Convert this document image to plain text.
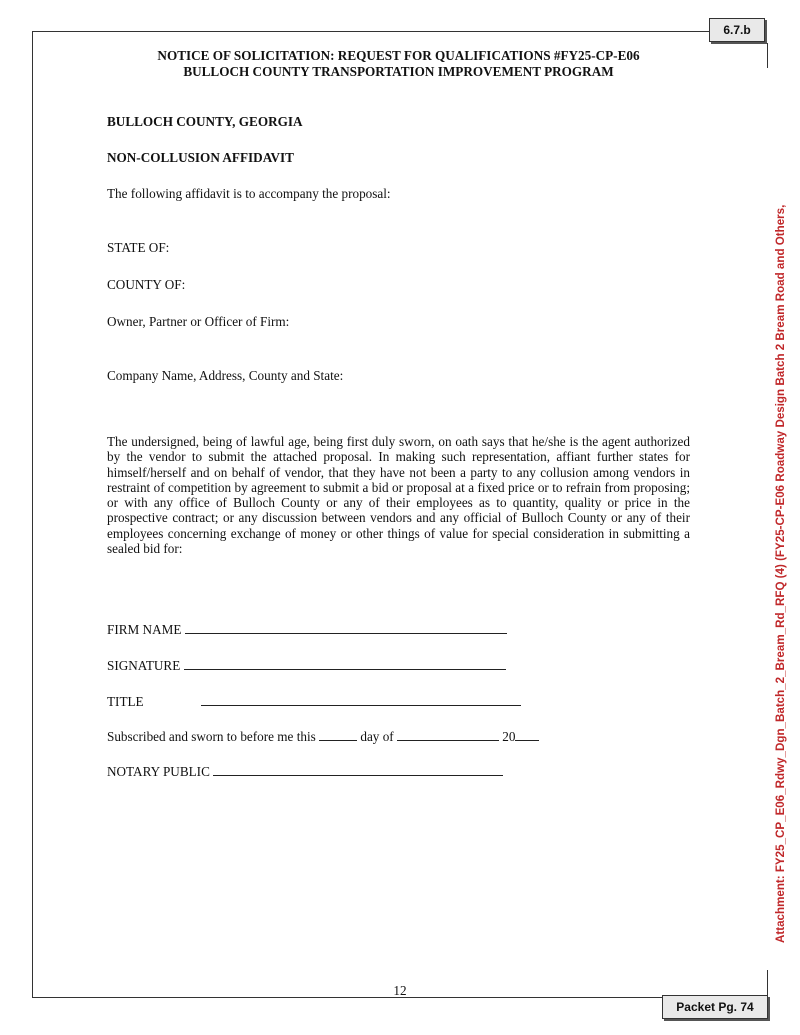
6.7.b
Packet Pg. 74
Attachment: FY25_CP_E06_Rdwy_Dgn_Batch_2_Bream_Rd_RFQ (4) (FY25-CP-E06 Roadway Design Batch 2 Bream Road and Others,
NOTICE OF SOLICITATION: REQUEST FOR QUALIFICATIONS #FY25-CP-E06
BULLOCH COUNTY TRANSPORTATION IMPROVEMENT PROGRAM
BULLOCH COUNTY, GEORGIA
NON-COLLUSION AFFIDAVIT
The following affidavit is to accompany the proposal:
STATE OF:
COUNTY OF:
Owner, Partner or Officer of Firm:
Company Name, Address, County and State:
The undersigned, being of lawful age, being first duly sworn, on oath says that he/she is the agent authorized by the vendor to submit the attached proposal. In making such representation, affiant further states for himself/herself and on behalf of vendor, that they have not been a party to any collusion among vendors in restraint of competition by agreement to submit a bid or proposal at a fixed price or to refrain from proposing; or with any office of Bulloch County or any of their employees as to quantity, quality or price in the prospective contract; or any discussion between vendors and any official of Bulloch County or any of their employees concerning exchange of money or other things of value for special consideration in submitting a sealed bid for:
FIRM NAME
SIGNATURE
TITLE
Subscribed and sworn to before me this	day of	20
NOTARY PUBLIC
12
